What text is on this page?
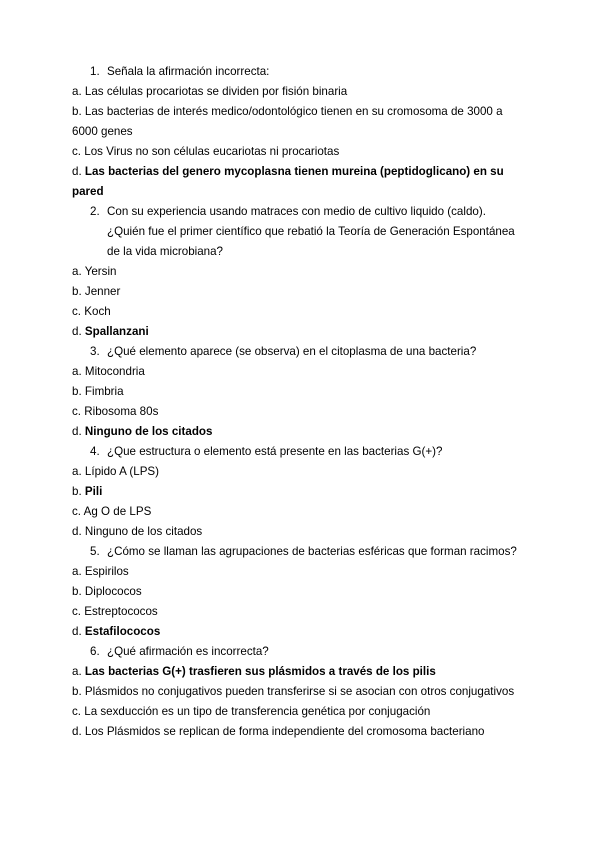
1. Señala la afirmación incorrecta:
a. Las células procariotas se dividen por fisión binaria
b. Las bacterias de interés medico/odontológico tienen en su cromosoma de 3000 a 6000 genes
c. Los Virus no son células eucariotas ni procariotas
d. Las bacterias del genero mycoplasna tienen mureina (peptidoglicano) en su pared
2. Con su experiencia usando matraces con medio de cultivo liquido (caldo). ¿Quién fue el primer científico que rebatió la Teoría de Generación Espontánea de la vida microbiana?
a. Yersin
b. Jenner
c. Koch
d. Spallanzani
3. ¿Qué elemento aparece (se observa) en el citoplasma de una bacteria?
a. Mitocondria
b. Fimbria
c. Ribosoma 80s
d. Ninguno de los citados
4. ¿Que estructura o elemento está presente en las bacterias G(+)?
a. Lípido A (LPS)
b. Pili
c. Ag O de LPS
d. Ninguno de los citados
5. ¿Cómo se llaman las agrupaciones de bacterias esféricas que forman racimos?
a. Espirilos
b. Diplococos
c. Estreptococos
d. Estafilococos
6. ¿Qué afirmación es incorrecta?
a. Las bacterias G(+) trasfieren sus plásmidos a través de los pilis
b. Plásmidos no conjugativos pueden transferirse si se asocian con otros conjugativos
c. La sexducción es un tipo de transferencia genética por conjugación
d. Los Plásmidos se replican de forma independiente del cromosoma bacteriano
